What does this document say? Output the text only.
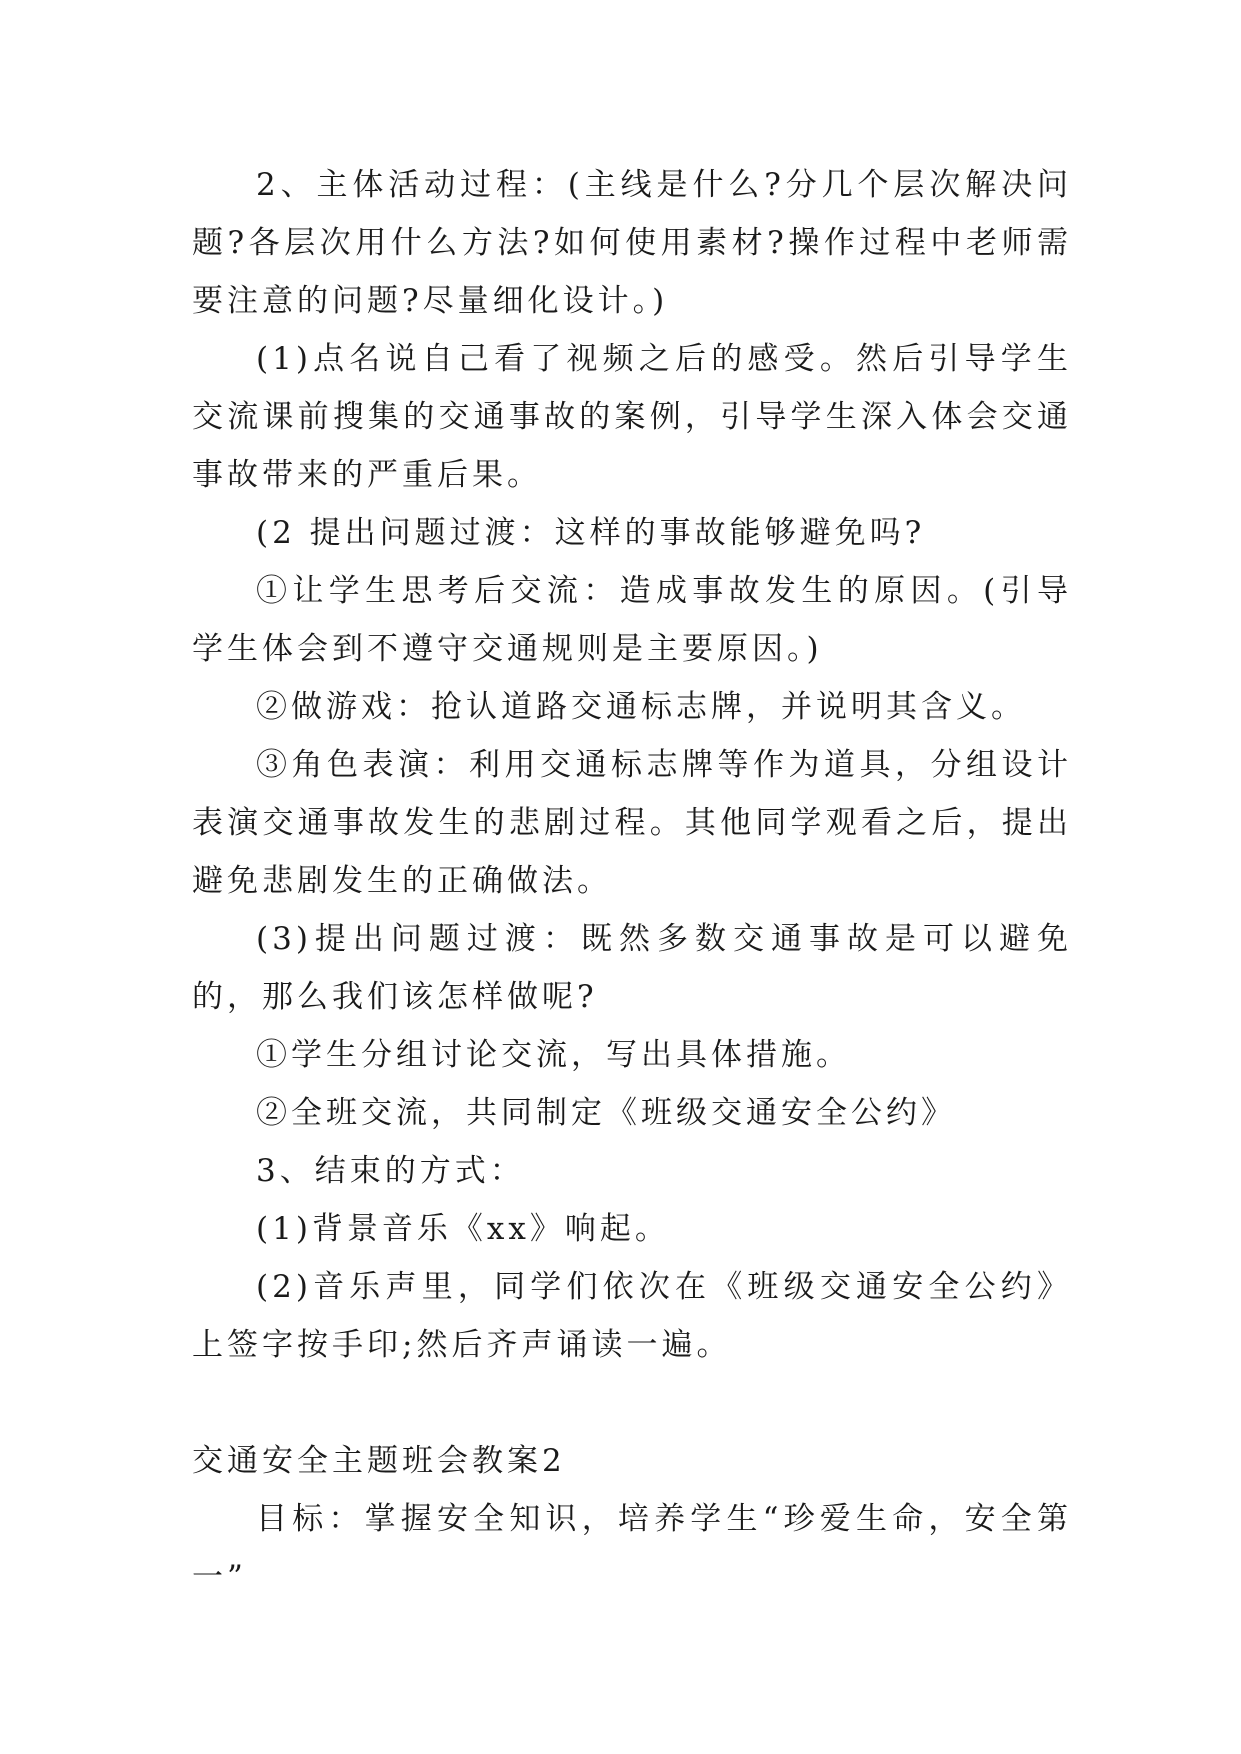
2、主体活动过程：(主线是什么?分几个层次解决问题?各层次用什么方法?如何使用素材?操作过程中老师需要注意的问题?尽量细化设计。)

(1)点名说自己看了视频之后的感受。然后引导学生交流课前搜集的交通事故的案例，引导学生深入体会交通事故带来的严重后果。

(2 提出问题过渡：这样的事故能够避免吗?

①让学生思考后交流：造成事故发生的原因。(引导学生体会到不遵守交通规则是主要原因。)

②做游戏：抢认道路交通标志牌，并说明其含义。

③角色表演：利用交通标志牌等作为道具，分组设计表演交通事故发生的悲剧过程。其他同学观看之后，提出避免悲剧发生的正确做法。

(3)提出问题过渡：既然多数交通事故是可以避免的，那么我们该怎样做呢?

①学生分组讨论交流，写出具体措施。

②全班交流，共同制定《班级交通安全公约》

3、结束的方式：

(1)背景音乐《xx》响起。

(2)音乐声里，同学们依次在《班级交通安全公约》上签字按手印;然后齐声诵读一遍。

交通安全主题班会教案2

目标：掌握安全知识，培养学生“珍爱生命，安全第一”
